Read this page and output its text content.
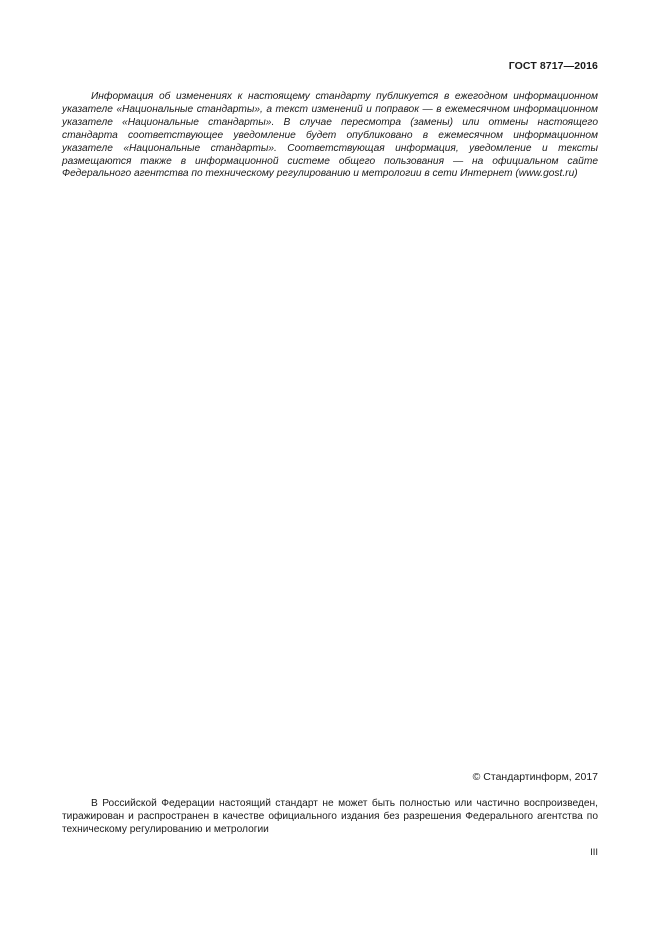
ГОСТ 8717—2016

Информация об изменениях к настоящему стандарту публикуется в ежегодном информационном указателе «Национальные стандарты», а текст изменений и поправок — в ежемесячном информационном указателе «Национальные стандарты». В случае пересмотра (замены) или отмены настоящего стандарта соответствующее уведомление будет опубликовано в ежемесячном информационном указателе «Национальные стандарты». Соответствующая информация, уведомление и тексты размещаются также в информационной системе общего пользования — на официальном сайте Федерального агентства по техническому регулированию и метрологии в сети Интернет (www.gost.ru)

© Стандартинформ, 2017

В Российской Федерации настоящий стандарт не может быть полностью или частично воспроизведен, тиражирован и распространен в качестве официального издания без разрешения Федерального агентства по техническому регулированию и метрологии

III
